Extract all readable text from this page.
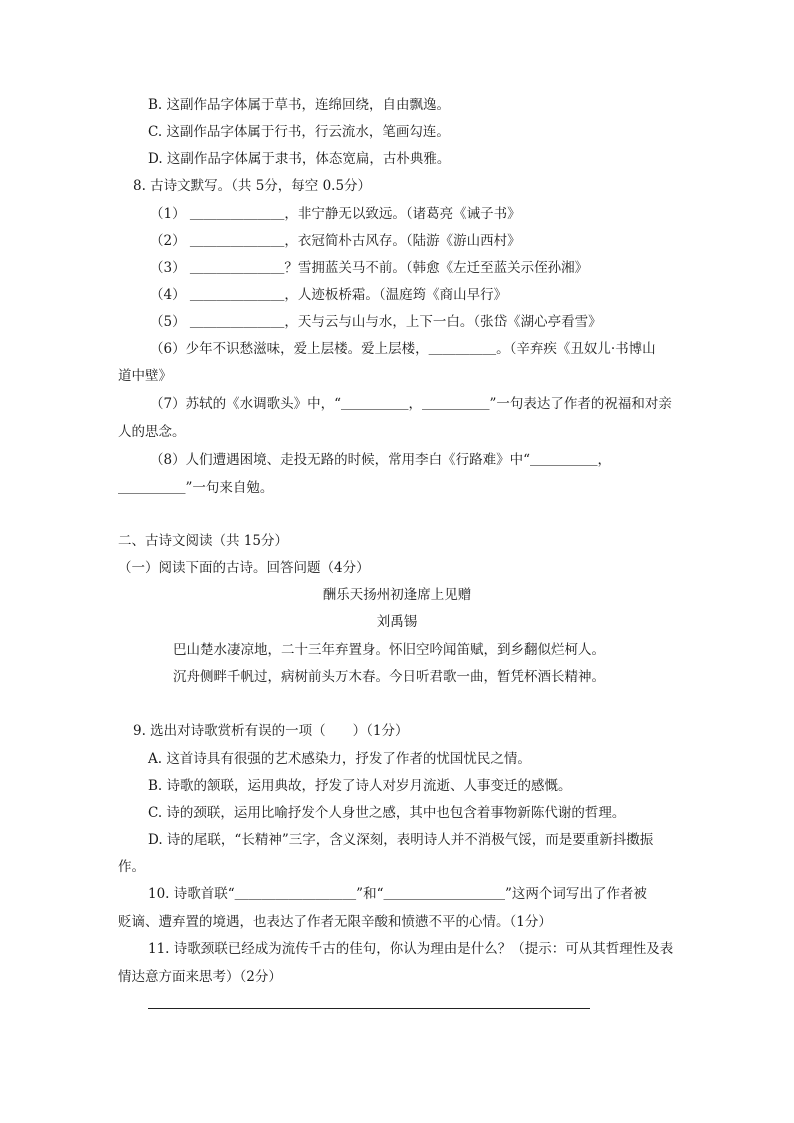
B. 这副作品字体属于草书，连绵回绕，自由飘逸。
C. 这副作品字体属于行书，行云流水，笔画勾连。
D. 这副作品字体属于隶书，体态宽扁，古朴典雅。
8. 古诗文默写。（共 5分，每空 0.5分）
（1） ＿＿＿＿＿＿＿，非宁静无以致远。（诸葛亮《诫子书》
（2） ＿＿＿＿＿＿＿，衣冠简朴古风存。（陆游《游山西村》
（3） ＿＿＿＿＿＿＿？雪拥蓝关马不前。（韩愈《左迁至蓝关示侄孙湘》
（4） ＿＿＿＿＿＿＿，人迹板桥霜。（温庭筠《商山早行》
（5） ＿＿＿＿＿＿＿，天与云与山与水，上下一白。（张岱《湖心亭看雪》
（6）少年不识愁滋味，爱上层楼。爱上层楼，＿＿＿＿＿。（辛弃疾《丑奴儿·书博山
道中壁》
（7）苏轼的《水调歌头》中，“＿＿＿＿＿，＿＿＿＿＿”一句表达了作者的祝福和对亲
人的思念。
（8）人们遭遇困境、走投无路的时候，常用李白《行路难》中“＿＿＿＿＿，
＿＿＿＿＿”一句来自勉。
二、古诗文阅读（共 15分）
（一）阅读下面的古诗。回答问题（4分）
酬乐天扬州初逢席上见赠
刘禹锡
巴山楚水凄凉地，二十三年弃置身。怀旧空吟闻笛赋，到乡翻似烂柯人。
沉舟侧畔千帆过，病树前头万木春。今日听君歌一曲，暂凭杯酒长精神。
9. 选出对诗歌赏析有误的一项（　　）（1分）
A. 这首诗具有很强的艺术感染力，抒发了作者的忧国忧民之情。
B. 诗歌的颔联，运用典故，抒发了诗人对岁月流逝、人事变迁的感慨。
C. 诗的颈联，运用比喻抒发个人身世之感，其中也包含着事物新陈代谢的哲理。
D. 诗的尾联，“长精神”三字，含义深刻，表明诗人并不消极气馁，而是要重新抖擞振
作。
10. 诗歌首联“＿＿＿＿＿＿＿＿＿”和“＿＿＿＿＿＿＿＿＿”这两个词写出了作者被
贬谪、遭弃置的境遇，也表达了作者无限辛酸和愤懑不平的心情。（1分）
11. 诗歌颈联已经成为流传千古的佳句，你认为理由是什么？（提示：可从其哲理性及表
情达意方面来思考）（2分）
